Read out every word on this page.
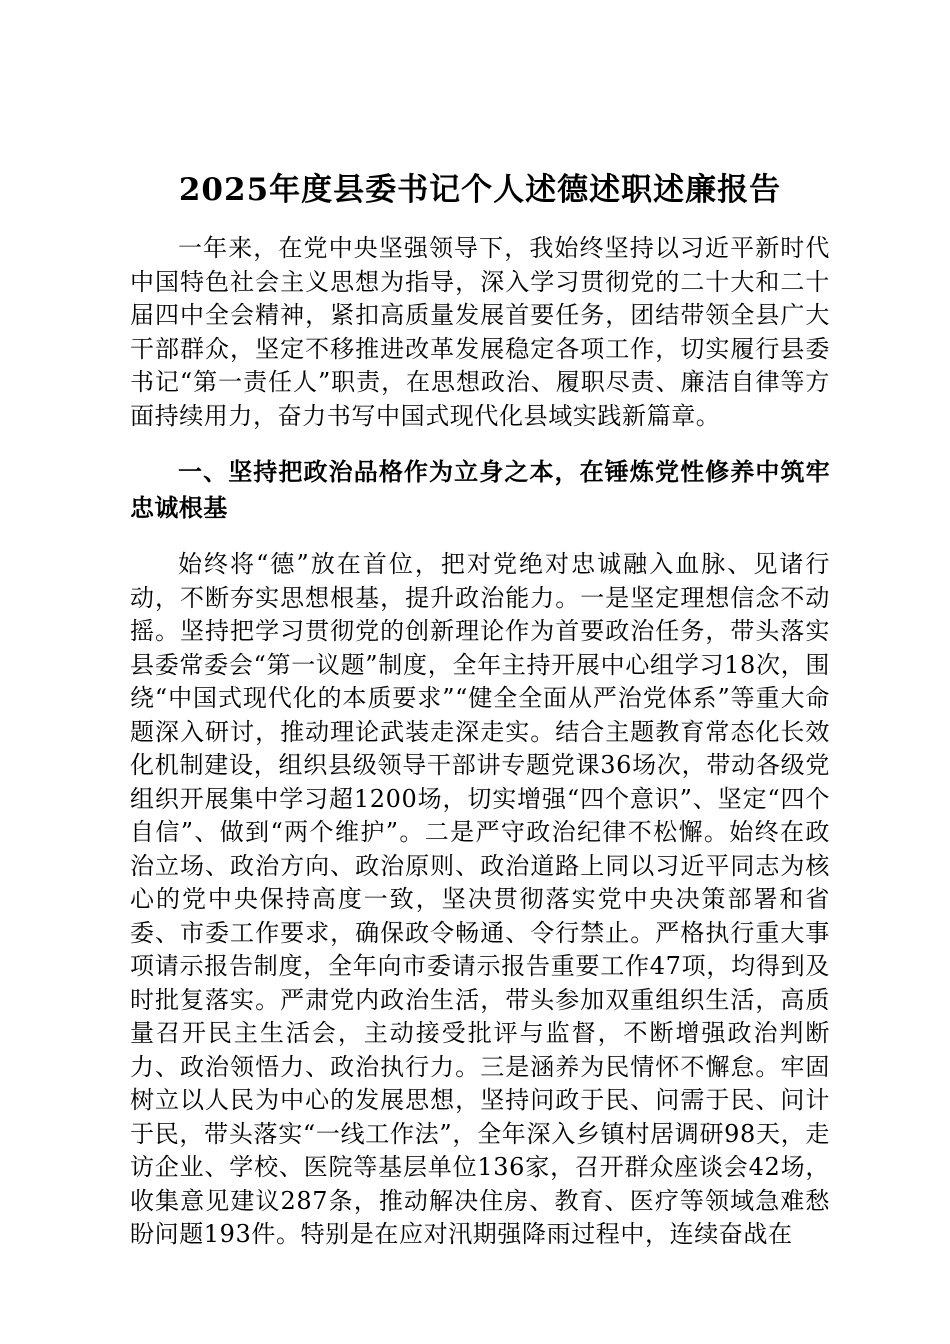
2025年度县委书记个人述德述职述廉报告

一年来，在党中央坚强领导下，我始终坚持以习近平新时代中国特色社会主义思想为指导，深入学习贯彻党的二十大和二十届四中全会精神，紧扣高质量发展首要任务，团结带领全县广大干部群众，坚定不移推进改革发展稳定各项工作，切实履行县委书记“第一责任人”职责，在思想政治、履职尽责、廉洁自律等方面持续用力，奋力书写中国式现代化县域实践新篇章。

一、坚持把政治品格作为立身之本，在锤炼党性修养中筑牢忠诚根基

始终将“德”放在首位，把对党绝对忠诚融入血脉、见诸行动，不断夯实思想根基，提升政治能力。一是坚定理想信念不动摇。坚持把学习贯彻党的创新理论作为首要政治任务，带头落实县委常委会“第一议题”制度，全年主持开展中心组学习18次，围绕“中国式现代化的本质要求”“健全全面从严治党体系”等重大命题深入研讨，推动理论武装走深走实。结合主题教育常态化长效化机制建设，组织县级领导干部讲专题党课36场次，带动各级党组织开展集中学习超1200场，切实增强“四个意识”、坚定“四个自信”、做到“两个维护”。二是严守政治纪律不松懈。始终在政治立场、政治方向、政治原则、政治道路上同以习近平同志为核心的党中央保持高度一致，坚决贯彻落实党中央决策部署和省委、市委工作要求，确保政令畅通、令行禁止。严格执行重大事项请示报告制度，全年向市委请示报告重要工作47项，均得到及时批复落实。严肃党内政治生活，带头参加双重组织生活，高质量召开民主生活会，主动接受批评与监督，不断增强政治判断力、政治领悟力、政治执行力。三是涵养为民情怀不懈怠。牢固树立以人民为中心的发展思想，坚持问政于民、问需于民、问计于民，带头落实“一线工作法”，全年深入乡镇村居调研98天，走访企业、学校、医院等基层单位136家，召开群众座谈会42场，收集意见建议287条，推动解决住房、教育、医疗等领域急难愁盼问题193件。特别是在应对汛期强降雨过程中，连续奋战在
